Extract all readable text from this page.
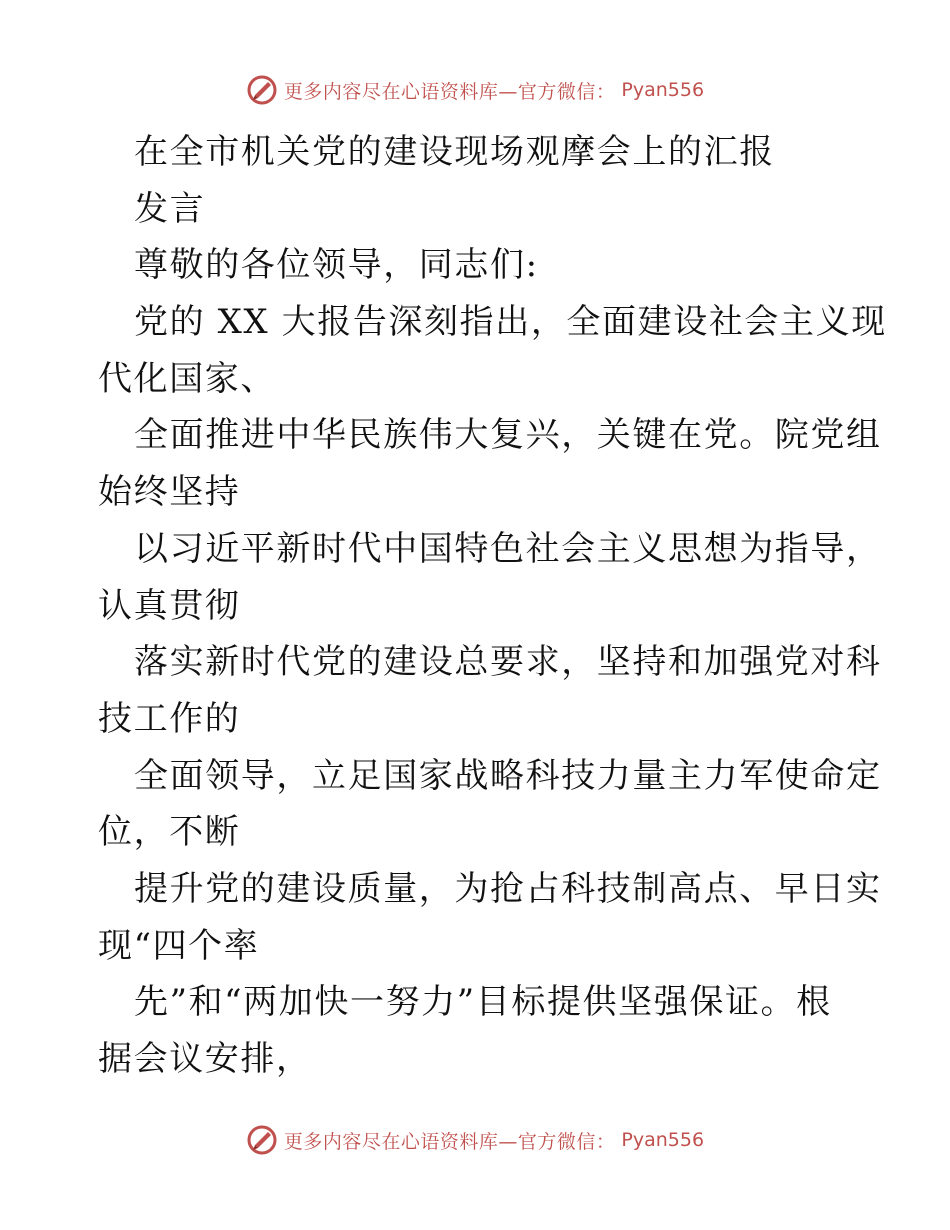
更多内容尽在心语资料库—官方微信： Pyan556
在全市机关党的建设现场观摩会上的汇报
发言
尊敬的各位领导，同志们:
党的 XX 大报告深刻指出，全面建设社会主义现
代化国家、
全面推进中华民族伟大复兴，关键在党。院党组
始终坚持
以习近平新时代中国特色社会主义思想为指导，
认真贯彻
落实新时代党的建设总要求，坚持和加强党对科
技工作的
全面领导，立足国家战略科技力量主力军使命定
位，不断
提升党的建设质量，为抢占科技制高点、早日实
现“四个率
先”和“两加快一努力”目标提供坚强保证。根
据会议安排，
更多内容尽在心语资料库—官方微信： Pyan556
